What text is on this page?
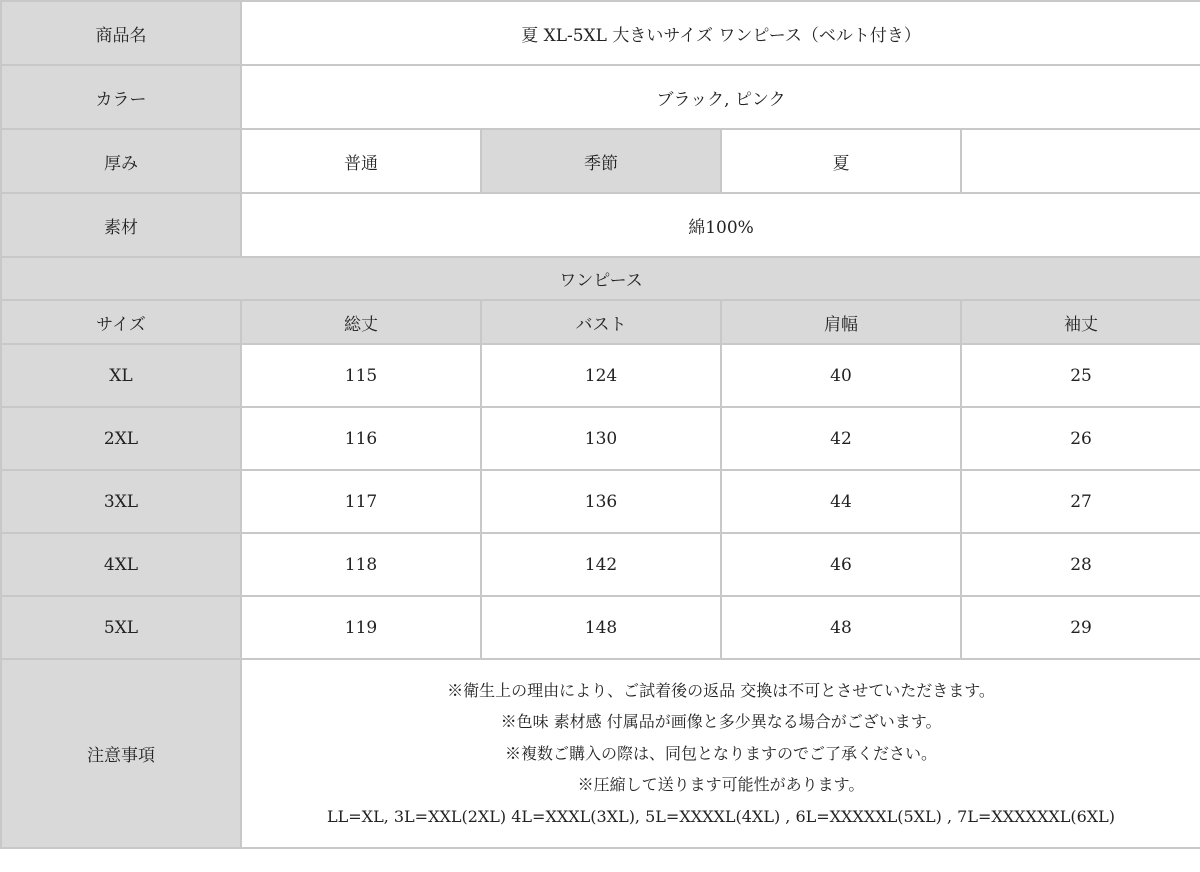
商品名	夏 XL-5XL 大きいサイズ ワンピース（ベルト付き）			
カラー	ブラック, ピンク			
厚み	普通	季節	夏	
素材	綿100%			
ワンピース				
サイズ	総丈	バスト	肩幅	袖丈
XL	115	124	40	25
2XL	116	130	42	26
3XL	117	136	44	27
4XL	118	142	46	28
5XL	119	148	48	29
注意事項	※衛生上の理由により、ご試着後の返品 交換は不可とさせていただきます。
※色味 素材感 付属品が画像と多少異なる場合がございます。
※複数ご購入の際は、同包となりますのでご了承ください。
※圧縮して送ります可能性があります。
LL=XL, 3L=XXL(2XL) 4L=XXXL(3XL), 5L=XXXXL(4XL) , 6L=XXXXXL(5XL) , 7L=XXXXXXL(6XL)			
